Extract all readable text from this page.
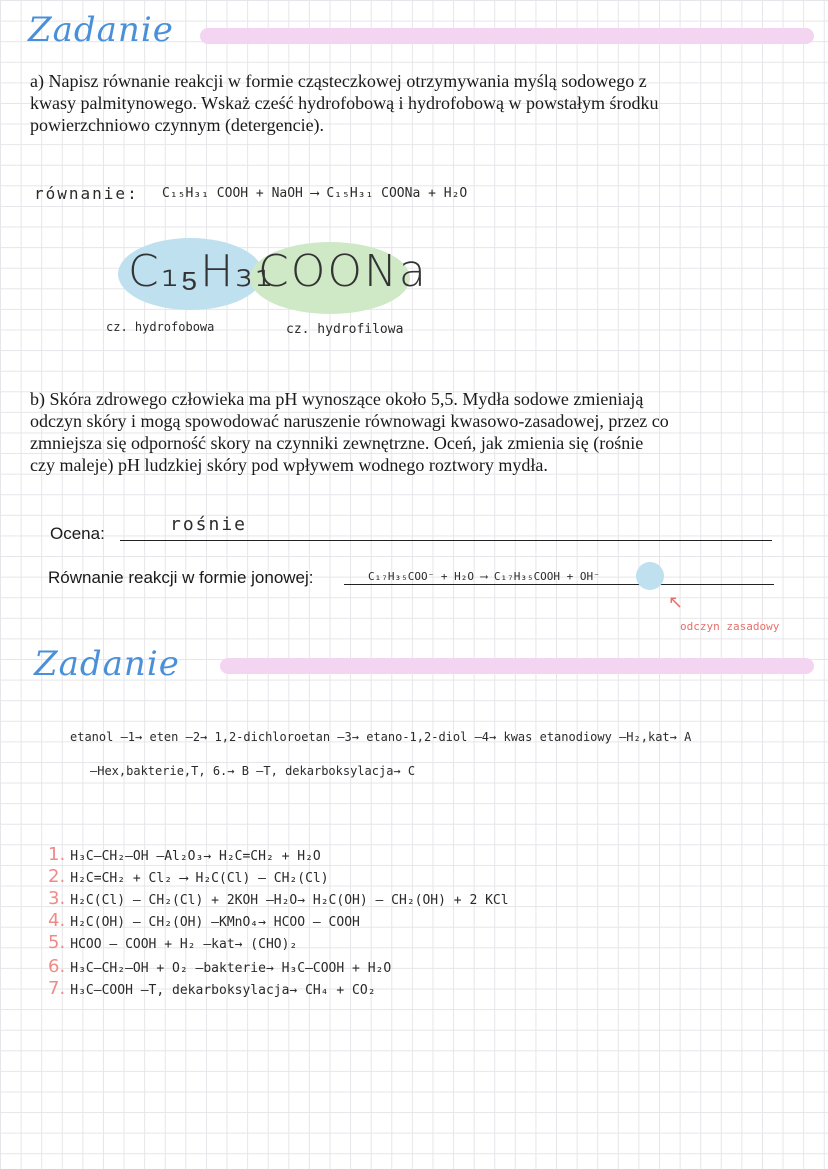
Zadanie
a) Napisz równanie reakcji w formie cząsteczkowej otrzymywania myślą sodowego z
kwasy palmitynowego. Wskaż cześć hydrofobową i hydrofobową w powstałym środku
powierzchniowo czynnym (detergencie).
równanie: C₁₅H₃₁ COOH + NaOH ⟶ C₁₅H₃₁ COONa + H₂O
C₁₅H₃₁
COONa
cz. hydrofobowa	cz. hydrofilowa
b) Skóra zdrowego człowieka ma pH wynoszące około 5,5. Mydła sodowe zmieniają
odczyn skóry i mogą spowodować naruszenie równowagi kwasowo-zasadowej, przez co
zmniejsza się odporność skory na czynniki zewnętrzne. Oceń, jak zmienia się (rośnie
czy maleje) pH ludzkiej skóry pod wpływem wodnego roztwory mydła.
Ocena:	rośnie
Równanie reakcji w formie jonowej:	C₁₇H₃₅COO⁻ + H₂O ⟶ C₁₇H₃₅COOH + OH⁻
↖
odczyn zasadowy
Zadanie
etanol –1→ eten –2→ 1,2-dichloroetan –3→ etano-1,2-diol –4→ kwas etanodiowy –H₂,kat→ A
–Hex,bakterie,T, 6.→ B –T, dekarboksylacja→ C
1. H₃C–CH₂–OH –Al₂O₃→ H₂C=CH₂ + H₂O
2. H₂C=CH₂ + Cl₂ ⟶ H₂C(Cl) – CH₂(Cl)
3. H₂C(Cl) – CH₂(Cl) + 2KOH –H₂O→ H₂C(OH) – CH₂(OH) + 2 KCl
4. H₂C(OH) – CH₂(OH) –KMnO₄→ HCOO – COOH
5. HCOO – COOH + H₂ –kat→ (CHO)₂
6. H₃C–CH₂–OH + O₂ –bakterie→ H₃C–COOH + H₂O
7. H₃C–COOH –T, dekarboksylacja→ CH₄ + CO₂
